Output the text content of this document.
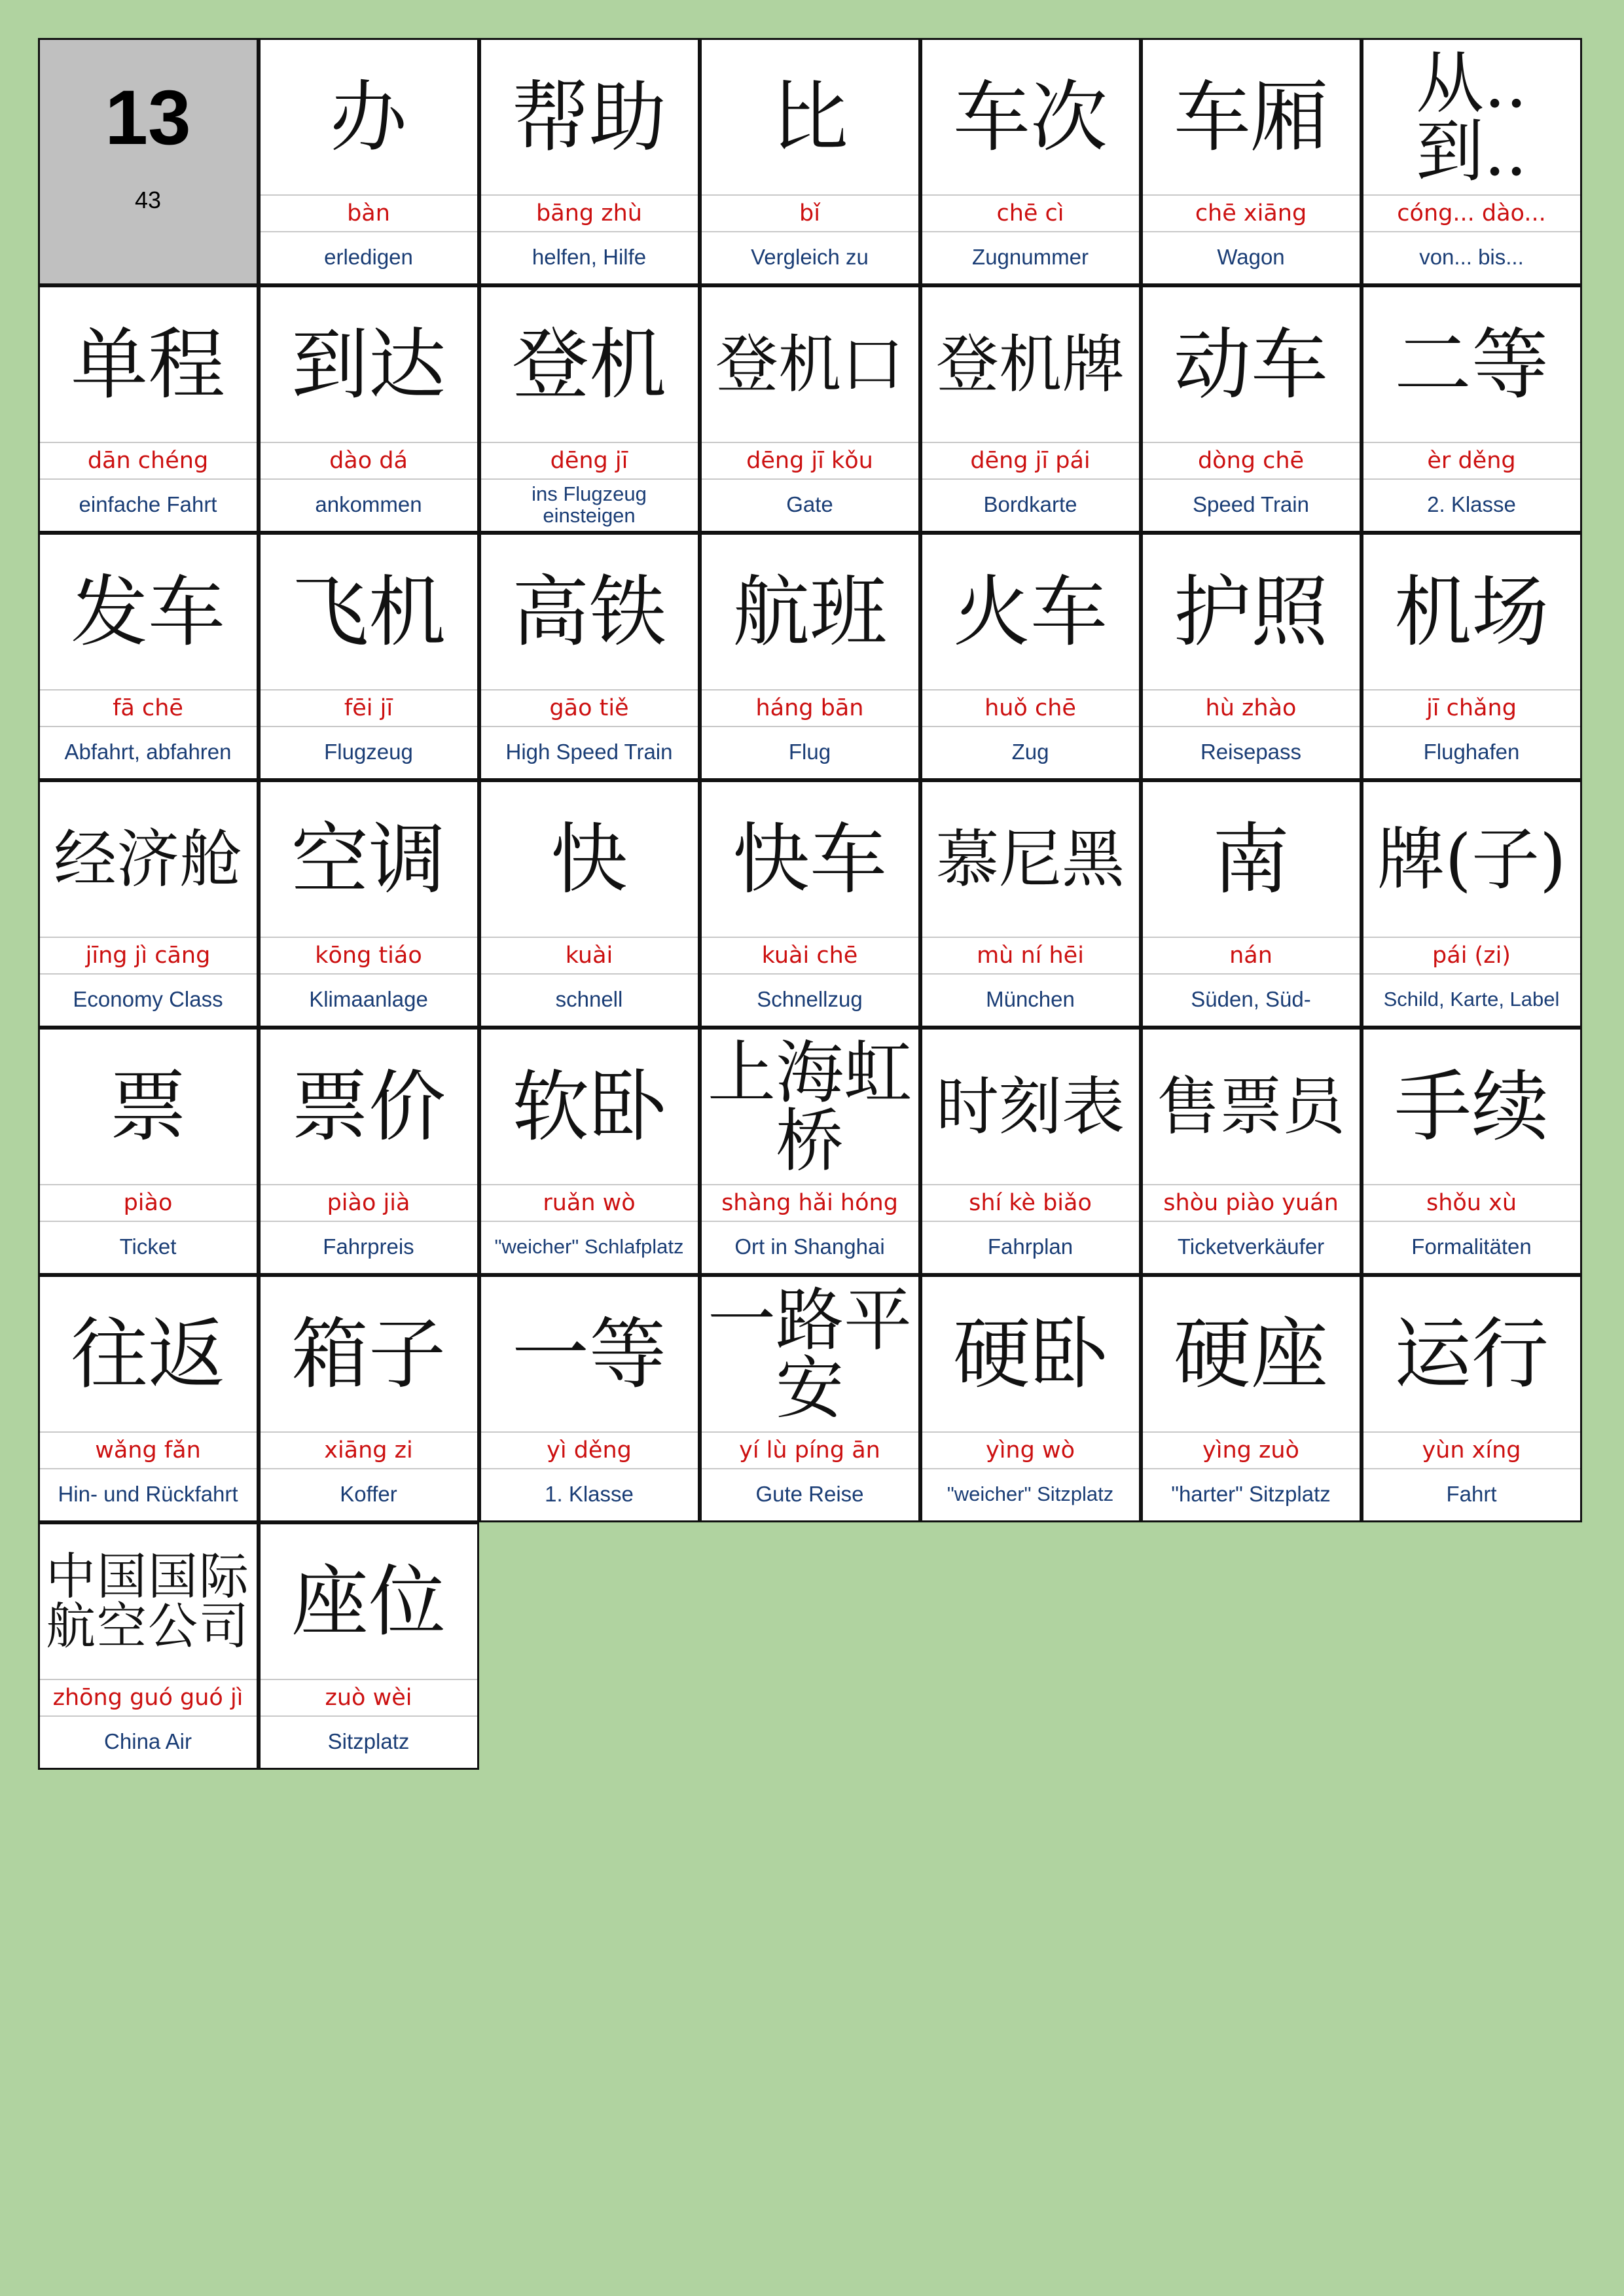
13
43
办
bàn
erledigen
帮助
bāng zhù
helfen, Hilfe
比
bǐ
Vergleich zu
车次
chē cì
Zugnummer
车厢
chē xiāng
Wagon
从.. 到..
cóng... dào...
von... bis...
单程
dān chéng
einfache Fahrt
到达
dào dá
ankommen
登机
dēng jī
ins Flugzeug einsteigen
登机口
dēng jī kǒu
Gate
登机牌
dēng jī pái
Bordkarte
动车
dòng chē
Speed Train
二等
èr děng
2. Klasse
发车
fā chē
Abfahrt, abfahren
飞机
fēi jī
Flugzeug
高铁
gāo tiě
High Speed Train
航班
háng bān
Flug
火车
huǒ chē
Zug
护照
hù zhào
Reisepass
机场
jī chǎng
Flughafen
经济舱
jīng jì cāng
Economy Class
空调
kōng tiáo
Klimaanlage
快
kuài
schnell
快车
kuài chē
Schnellzug
慕尼黑
mù ní hēi
München
南
nán
Süden, Süd-
牌(子)
pái (zi)
Schild, Karte, Label
票
piào
Ticket
票价
piào jià
Fahrpreis
软卧
ruǎn wò
"weicher" Schlafplatz
上海虹桥
shàng hǎi hóng
Ort in Shanghai
时刻表
shí kè biǎo
Fahrplan
售票员
shòu piào yuán
Ticketverkäufer
手续
shǒu xù
Formalitäten
往返
wǎng fǎn
Hin- und Rückfahrt
箱子
xiāng zi
Koffer
一等
yì děng
1. Klasse
一路平安
yí lù píng ān
Gute Reise
硬卧
yìng wò
"weicher" Sitzplatz
硬座
yìng zuò
"harter" Sitzplatz
运行
yùn xíng
Fahrt
中国国际航空公司
zhōng guó guó jì
China Air
座位
zuò wèi
Sitzplatz
